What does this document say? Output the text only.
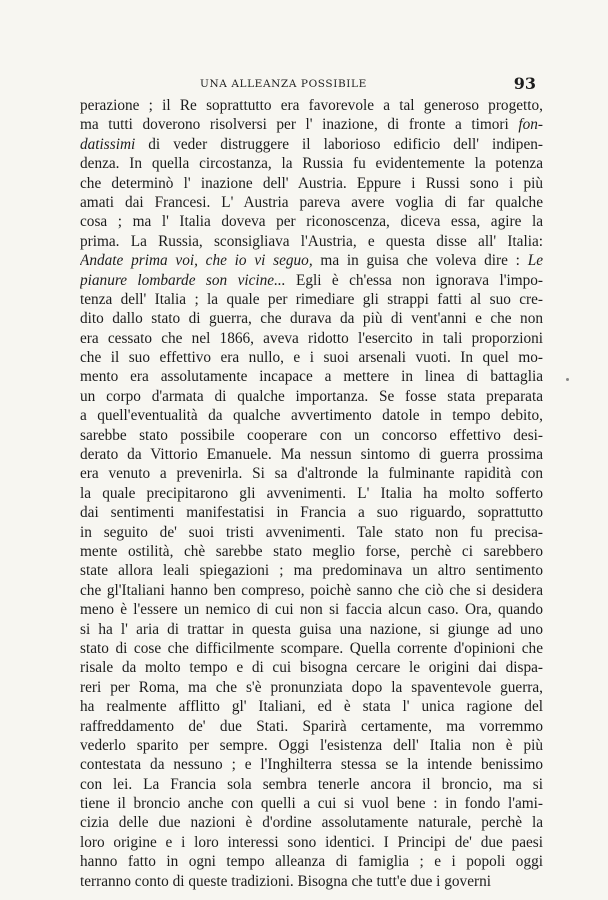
UNA ALLEANZA POSSIBILE	93
perazione ; il Re soprattutto era favorevole a tal generoso progetto,
ma tutti doverono risolversi per l' inazione, di fronte a timori fon-
datissimi di veder distruggere il laborioso edificio dell' indipen-
denza. In quella circostanza, la Russia fu evidentemente la potenza
che determinò l' inazione dell' Austria. Eppure i Russi sono i più
amati dai Francesi. L' Austria pareva avere voglia di far qualche
cosa ; ma l' Italia doveva per riconoscenza, diceva essa, agire la
prima. La Russia, sconsigliava l'Austria, e questa disse all' Italia:
Andate prima voi, che io vi seguo, ma in guisa che voleva dire : Le
pianure lombarde son vicine... Egli è ch'essa non ignorava l'impo-
tenza dell' Italia ; la quale per rimediare gli strappi fatti al suo cre-
dito dallo stato di guerra, che durava da più di vent'anni e che non
era cessato che nel 1866, aveva ridotto l'esercito in tali proporzioni
che il suo effettivo era nullo, e i suoi arsenali vuoti. In quel mo-
mento era assolutamente incapace a mettere in linea di battaglia
un corpo d'armata di qualche importanza. Se fosse stata preparata
a quell'eventualità da qualche avvertimento datole in tempo debito,
sarebbe stato possibile cooperare con un concorso effettivo desi-
derato da Vittorio Emanuele. Ma nessun sintomo di guerra prossima
era venuto a prevenirla. Si sa d'altronde la fulminante rapidità con
la quale precipitarono gli avvenimenti. L' Italia ha molto sofferto
dai sentimenti manifestatisi in Francia a suo riguardo, soprattutto
in seguito de' suoi tristi avvenimenti. Tale stato non fu precisa-
mente ostilità, chè sarebbe stato meglio forse, perchè ci sarebbero
state allora leali spiegazioni ; ma predominava un altro sentimento
che gl'Italiani hanno ben compreso, poichè sanno che ciò che si desidera
meno è l'essere un nemico di cui non si faccia alcun caso. Ora, quando
si ha l' aria di trattar in questa guisa una nazione, si giunge ad uno
stato di cose che difficilmente scompare. Quella corrente d'opinioni che
risale da molto tempo e di cui bisogna cercare le origini dai dispa-
reri per Roma, ma che s'è pronunziata dopo la spaventevole guerra,
ha realmente afflitto gl' Italiani, ed è stata l' unica ragione del
raffreddamento de' due Stati. Sparirà certamente, ma vorremmo
vederlo sparito per sempre. Oggi l'esistenza dell' Italia non è più
contestata da nessuno ; e l'Inghilterra stessa se la intende benissimo
con lei. La Francia sola sembra tenerle ancora il broncio, ma si
tiene il broncio anche con quelli a cui si vuol bene : in fondo l'ami-
cizia delle due nazioni è d'ordine assolutamente naturale, perchè la
loro origine e i loro interessi sono identici. I Principi de' due paesi
hanno fatto in ogni tempo alleanza di famiglia ; e i popoli oggi
terranno conto di queste tradizioni. Bisogna che tutt'e due i governi
